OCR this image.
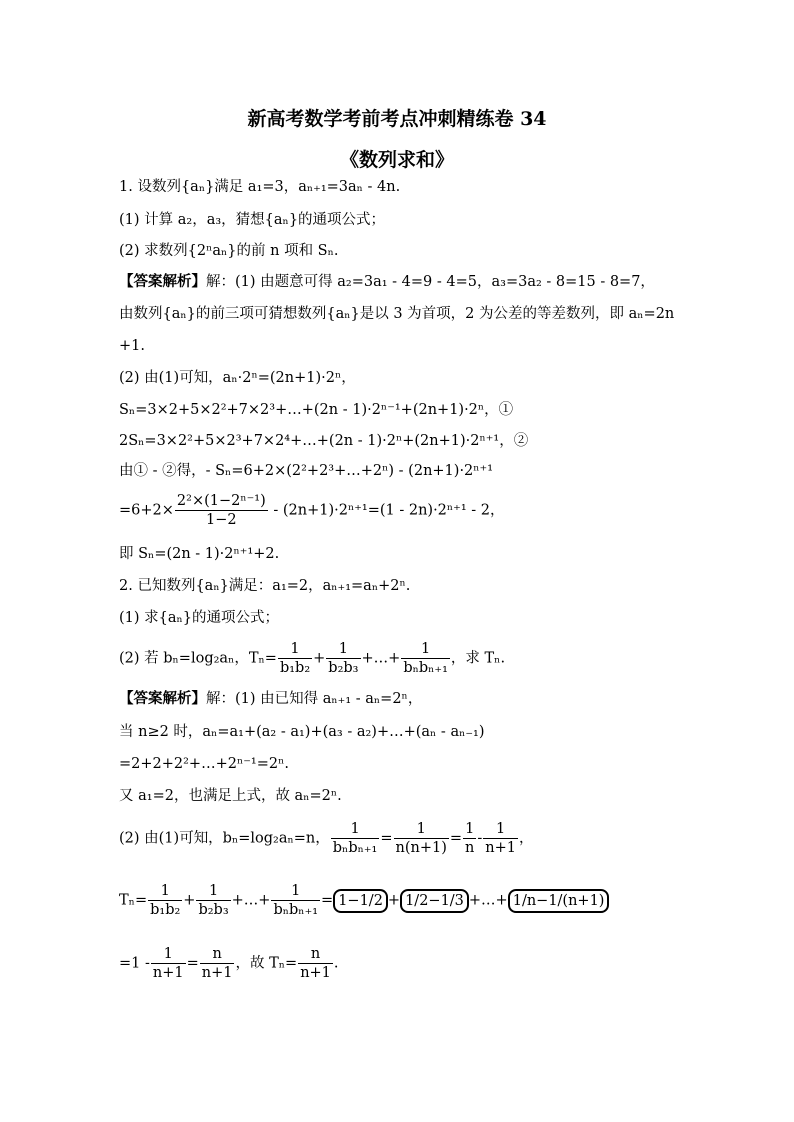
新高考数学考前考点冲刺精练卷 34
《数列求和》
1. 设数列{aₙ}满足 a₁=3，aₙ₊₁=3aₙ - 4n.
(1) 计算 a₂，a₃，猜想{aₙ}的通项公式；
(2) 求数列{2ⁿaₙ}的前 n 项和 Sₙ.
【答案解析】解：(1) 由题意可得 a₂=3a₁ - 4=9 - 4=5，a₃=3a₂ - 8=15 - 8=7，
由数列{aₙ}的前三项可猜想数列{aₙ}是以 3 为首项，2 为公差的等差数列，即 aₙ=2n
+1.
(2) 由(1)可知，aₙ·2ⁿ=(2n+1)·2ⁿ，
Sₙ=3×2+5×2²+7×2³+…+(2n - 1)·2ⁿ⁻¹+(2n+1)·2ⁿ，①
2Sₙ=3×2²+5×2³+7×2⁴+…+(2n - 1)·2ⁿ+(2n+1)·2ⁿ⁺¹，②
由① - ②得，- Sₙ=6+2×(2²+2³+…+2ⁿ) - (2n+1)·2ⁿ⁺¹
$=6+2\times \frac{\text{2²×(1−2ⁿ⁻¹)}}{1-2} - (2n+1)\cdot 2^{n+1}=(1 - 2n)\cdot 2^{n+1} - 2$，
即 Sₙ=(2n - 1)·2ⁿ⁺¹+2.
2. 已知数列{aₙ}满足：a₁=2，aₙ₊₁=aₙ+2ⁿ.
(1) 求{aₙ}的通项公式；
(2) 若 bₙ=log₂aₙ，$T_n= \frac{1}{\text{b₁b₂}} + \frac{1}{\text{b₂b₃}}$ +…+ $\frac{1}{\text{bₙbₙ₊₁}}$ ，求 Tₙ.
【答案解析】解：(1) 由已知得 aₙ₊₁ - aₙ=2ⁿ，
当 n≥2 时，aₙ=a₁+(a₂ - a₁)+(a₃ - a₂)+…+(aₙ - aₙ₋₁)
=2+2+2²+…+2ⁿ⁻¹=2ⁿ.
又 a₁=2，也满足上式，故 aₙ=2ⁿ.
(2) 由(1)可知，bₙ=log₂aₙ=n， $\frac{1}{\text{bₙbₙ₊₁}} = \frac{1}{n(n+1)} = \frac{1}{n} - \frac{1}{n+1}$ ，
$T_n= \frac{1}{\text{b₁b₂}} + \frac{1}{\text{b₂b₃}}$ +…+ $\frac{1}{\text{bₙbₙ₊₁}} = 1-1/2 + 1/2-1/3$ +…+ 1/n−1/(n+1)
$=1 - \frac{1}{n+1} = \frac{n}{n+1}$ ，故 $T_n= \frac{n}{n+1}$ .
